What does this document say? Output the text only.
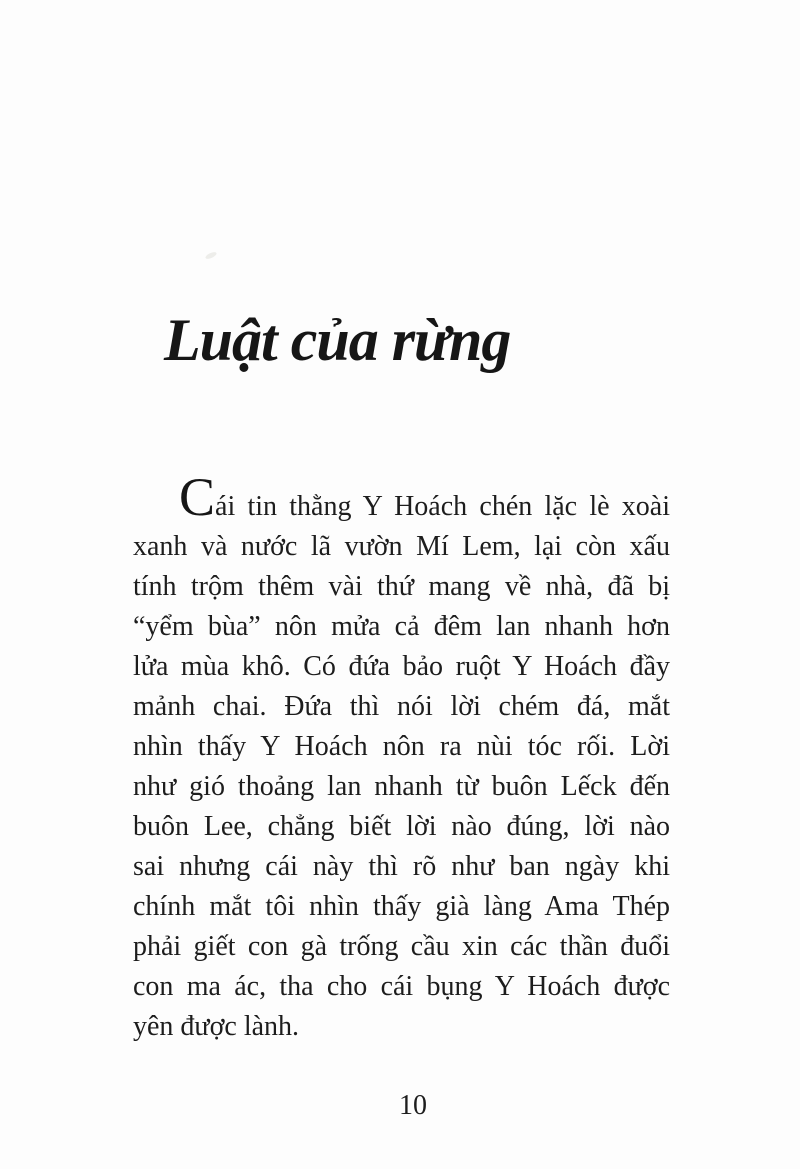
Luật của rừng
Cái tin thằng Y Hoách chén lặc lè xoài
xanh và nước lã vườn Mí Lem, lại còn xấu
tính trộm thêm vài thứ mang về nhà, đã bị
“yểm bùa” nôn mửa cả đêm lan nhanh hơn
lửa mùa khô. Có đứa bảo ruột Y Hoách đầy
mảnh chai. Đứa thì nói lời chém đá, mắt
nhìn thấy Y Hoách nôn ra nùi tóc rối. Lời
như gió thoảng lan nhanh từ buôn Lếck đến
buôn Lee, chẳng biết lời nào đúng, lời nào
sai nhưng cái này thì rõ như ban ngày khi
chính mắt tôi nhìn thấy già làng Ama Thép
phải giết con gà trống cầu xin các thần đuổi
con ma ác, tha cho cái bụng Y Hoách được
yên được lành.
10
